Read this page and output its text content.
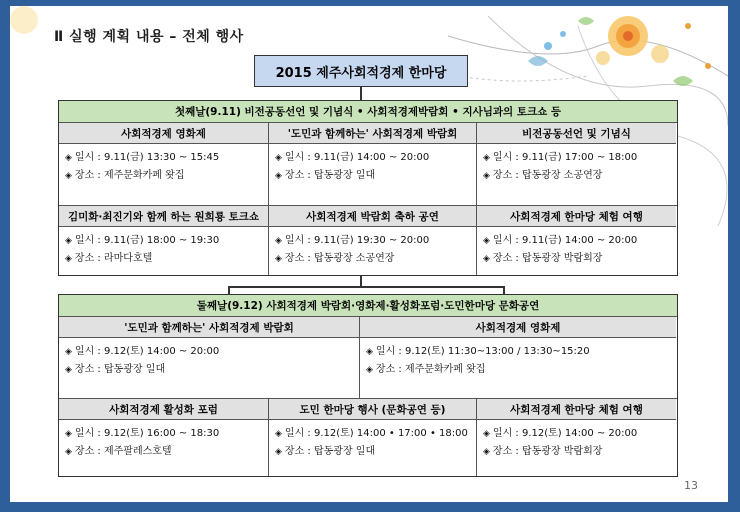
Ⅱ 실행 계획 내용 – 전체 행사
2015 제주사회적경제 한마당
첫째날(9.11) 비전공동선언 및 기념식 • 사회적경제박람회 • 지사님과의 토크쇼 등
사회적경제 영화제	'도민과 함께하는' 사회적경제 박람회	비전공동선언 및 기념식
◈ 일시 : 9.11(금) 13:30 ~ 15:45
◈ 장소 : 제주문화카페 왓집
◈ 일시 : 9.11(금) 14:00 ~ 20:00
◈ 장소 : 탑동광장 일대
◈ 일시 : 9.11(금) 17:00 ~ 18:00
◈ 장소 : 탑동광장 소공연장
김미화·최진기와 함께 하는 원희룡 토크쇼	사회적경제 박람회 축하 공연	사회적경제 한마당 체험 여행
◈ 일시 : 9.11(금) 18:00 ~ 19:30
◈ 장소 : 라마다호텔
◈ 일시 : 9.11(금) 19:30 ~ 20:00
◈ 장소 : 탑동광장 소공연장
◈ 일시 : 9.11(금) 14:00 ~ 20:00
◈ 장소 : 탑동광장 박람회장
둘째날(9.12) 사회적경제 박람회·영화제·활성화포럼·도민한마당 문화공연
'도민과 함께하는' 사회적경제 박람회	사회적경제 영화제
◈ 일시 : 9.12(토) 14:00 ~ 20:00
◈ 장소 : 탑동광장 일대
◈ 일시 : 9.12(토) 11:30~13:00 / 13:30~15:20
◈ 장소 : 제주문화카페 왓집
사회적경제 활성화 포럼	도민 한마당 행사 (문화공연 등)	사회적경제 한마당 체험 여행
◈ 일시 : 9.12(토) 16:00 ~ 18:30
◈ 장소 : 제주팔레스호텔
◈ 일시 : 9.12(토) 14:00 • 17:00 • 18:00
◈ 장소 : 탑동광장 일대
◈ 일시 : 9.12(토) 14:00 ~ 20:00
◈ 장소 : 탑동광장 박람회장
13
